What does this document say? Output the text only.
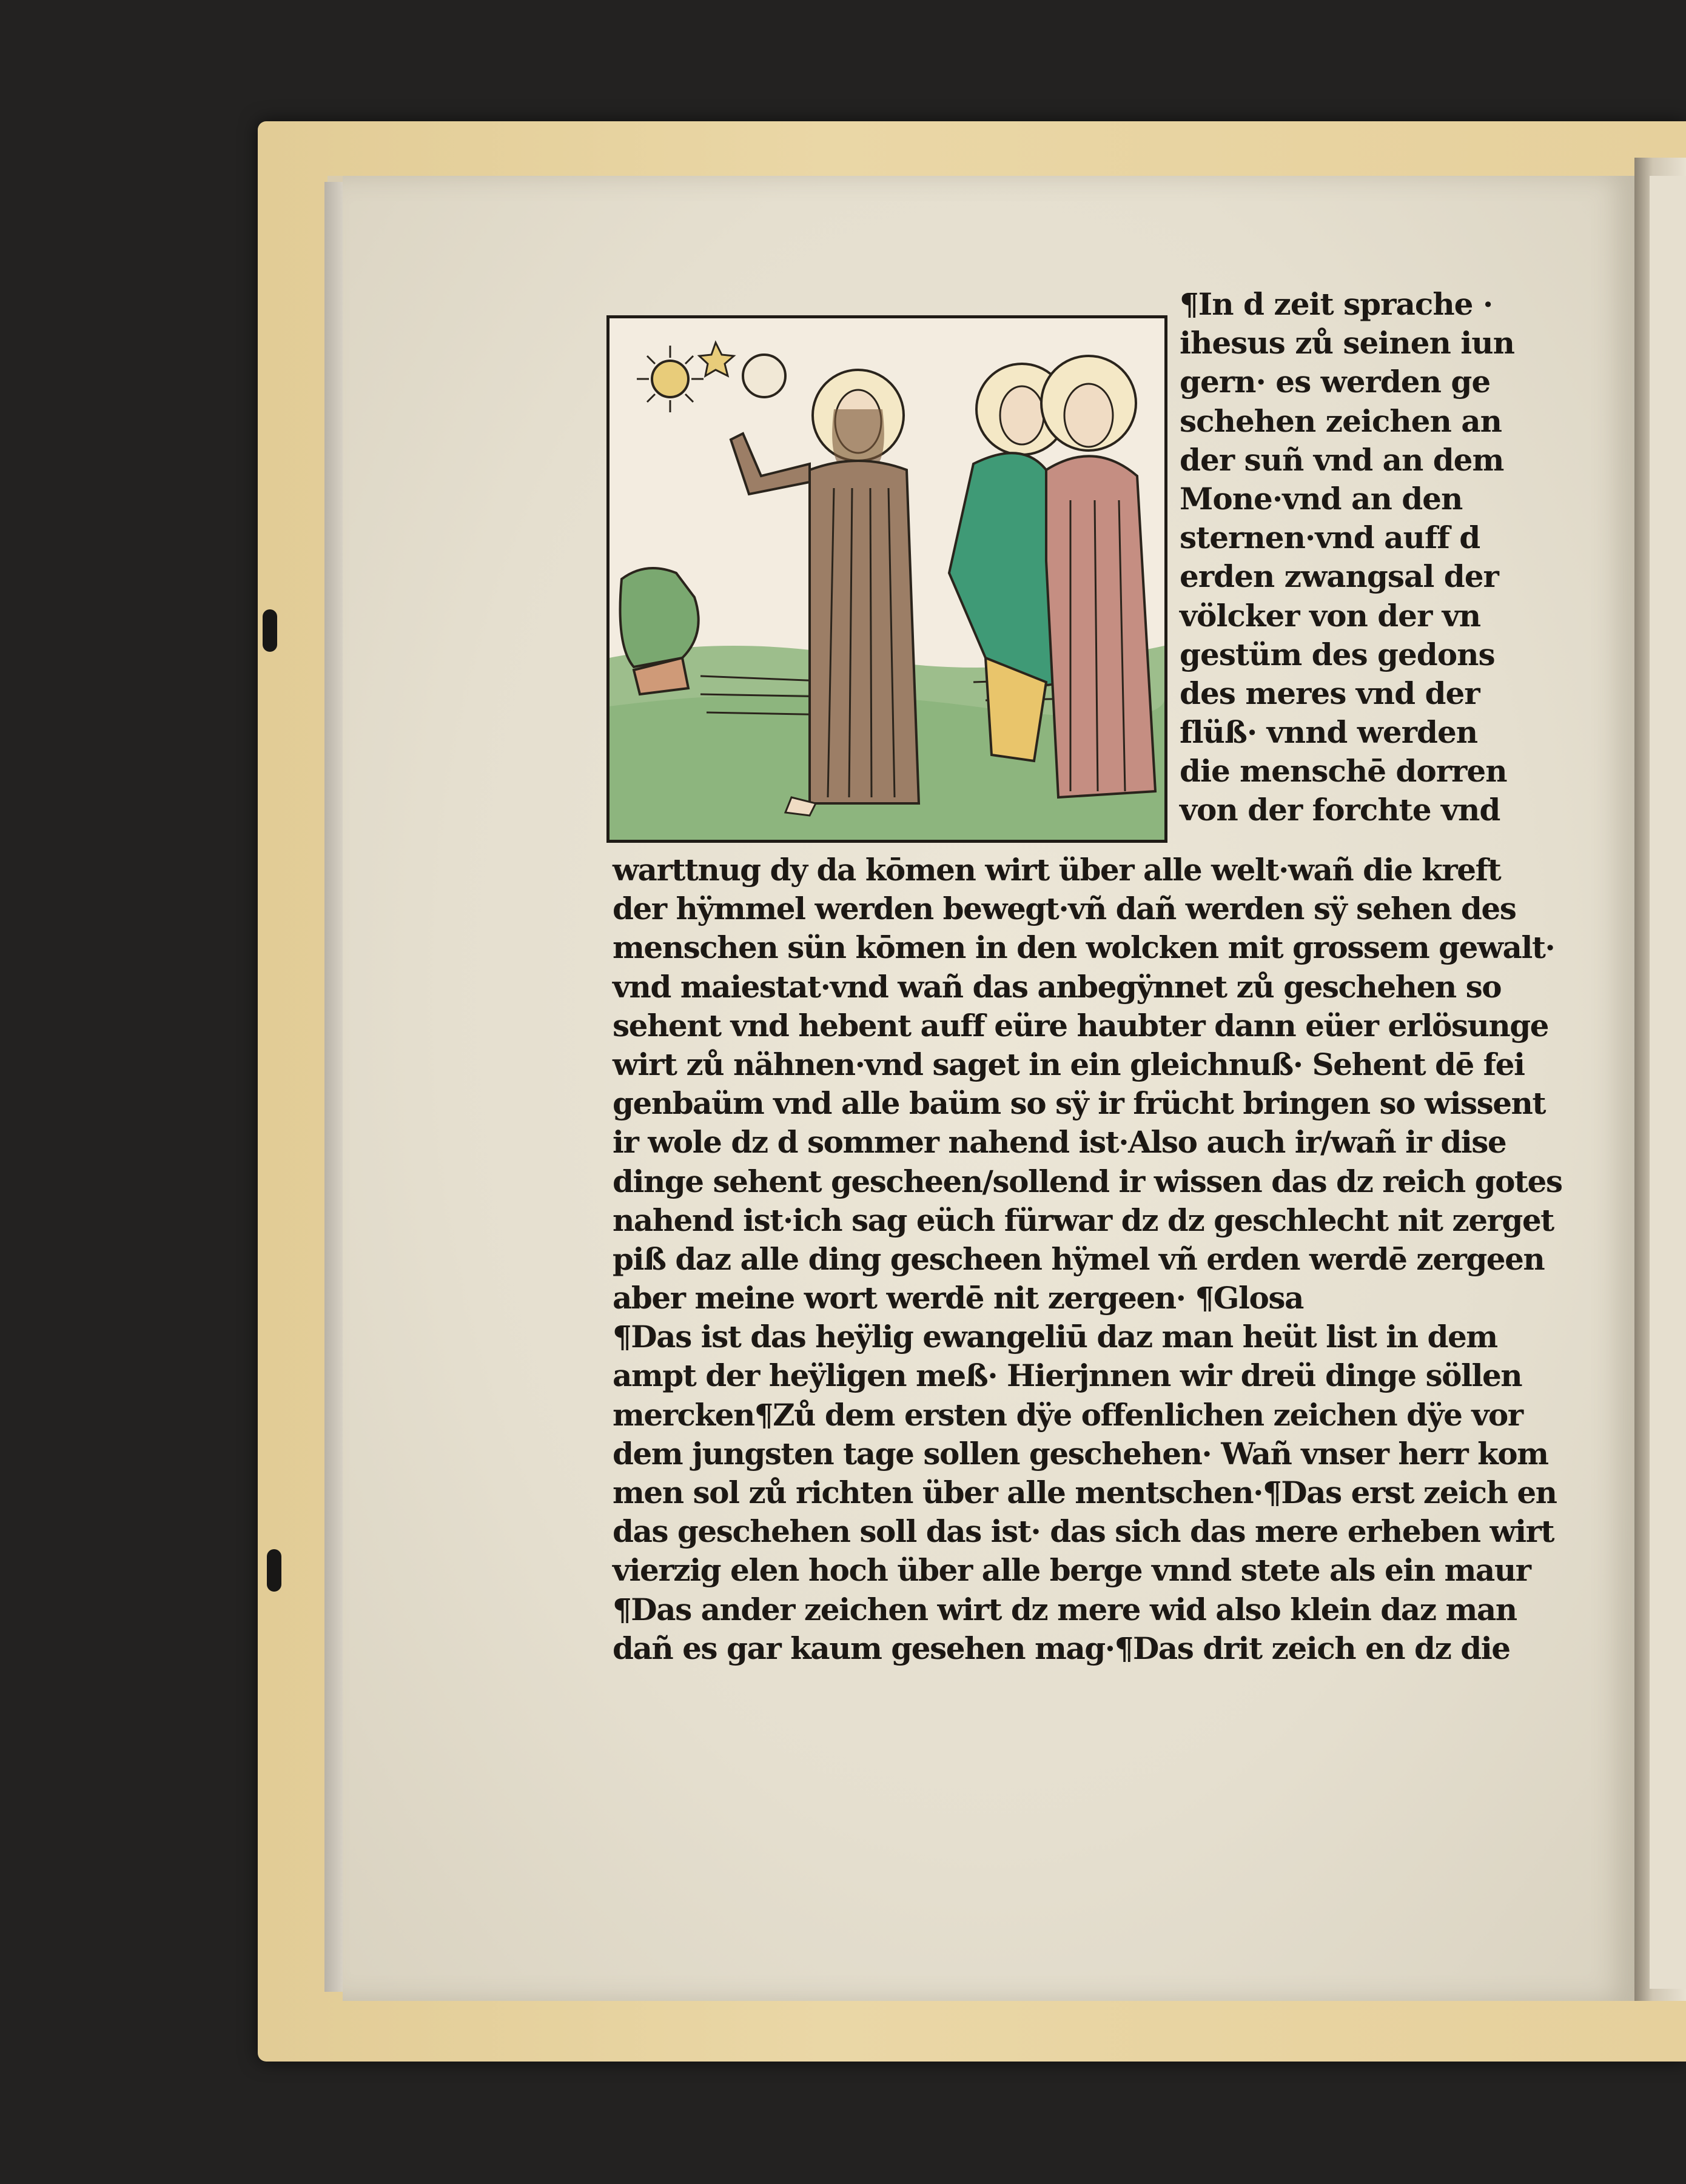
¶In d zeit sprache ·
ihesus zů seinen iun
gern· es werden ge
schehen zeichen an
der suñ vnd an dem
Mone·vnd an den
sternen·vnd auff d
erden zwangsal der
völcker von der vn
gestüm des gedons
des meres vnd der
flüß· vnnd werden
die menschē dorren
von der forchte vnd
warttnug dy da kōmen wirt über alle welt·wañ die kreft
der hÿmmel werden bewegt·vñ dañ werden sÿ sehen des
menschen sün kōmen in den wolcken mit grossem gewalt·
vnd maiestat·vnd wañ das anbegÿnnet zů geschehen so
sehent vnd hebent auff eüre haubter dann eüer erlösunge
wirt zů nähnen·vnd saget in ein gleichnuß· Sehent dē fei
genbaüm vnd alle baüm so sÿ ir frücht bringen so wissent
ir wole dz d sommer nahend ist·Also auch ir/wañ ir dise
dinge sehent gescheen/sollend ir wissen das dz reich gotes
nahend ist·ich sag eüch fürwar dz dz geschlecht nit zerget
piß daz alle ding gescheen hÿmel vñ erden werdē zergeen
aber meine wort werdē nit zergeen· ¶Glosa
¶Das ist das heÿlig ewangeliū daz man heüt list in dem
ampt der heÿligen meß· Hierjnnen wir dreü dinge söllen
mercken¶Zů dem ersten dÿe offenlichen zeichen dÿe vor
dem jungsten tage sollen geschehen· Wañ vnser herr kom
men sol zů richten über alle mentschen·¶Das erst zeich en
das geschehen soll das ist· das sich das mere erheben wirt
vierzig elen hoch über alle berge vnnd stete als ein maur
¶Das ander zeichen wirt dz mere wid also klein daz man
dañ es gar kaum gesehen mag·¶Das drit zeich en dz die
